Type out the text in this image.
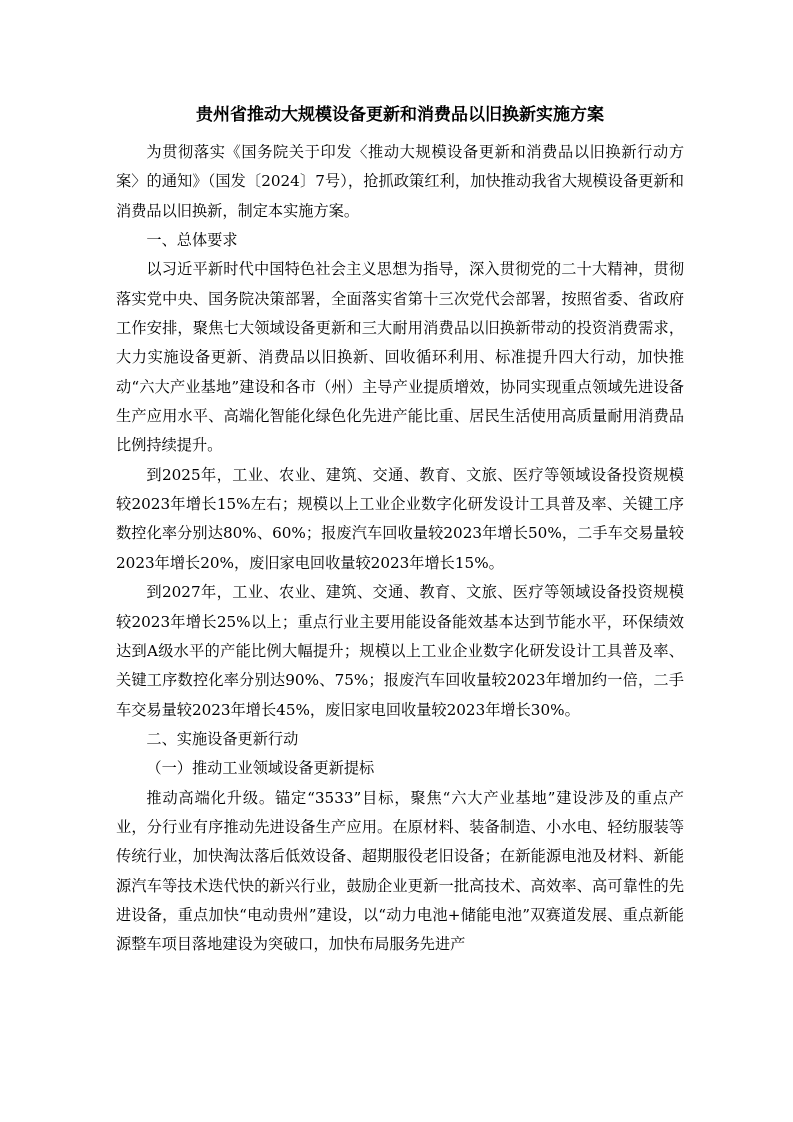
贵州省推动大规模设备更新和消费品以旧换新实施方案

为贯彻落实《国务院关于印发〈推动大规模设备更新和消费品以旧换新行动方案〉的通知》（国发〔2024〕7号），抢抓政策红利，加快推动我省大规模设备更新和消费品以旧换新，制定本实施方案。

一、总体要求

以习近平新时代中国特色社会主义思想为指导，深入贯彻党的二十大精神，贯彻落实党中央、国务院决策部署，全面落实省第十三次党代会部署，按照省委、省政府工作安排，聚焦七大领域设备更新和三大耐用消费品以旧换新带动的投资消费需求，大力实施设备更新、消费品以旧换新、回收循环利用、标准提升四大行动，加快推动“六大产业基地”建设和各市（州）主导产业提质增效，协同实现重点领域先进设备生产应用水平、高端化智能化绿色化先进产能比重、居民生活使用高质量耐用消费品比例持续提升。

到2025年，工业、农业、建筑、交通、教育、文旅、医疗等领域设备投资规模较2023年增长15%左右；规模以上工业企业数字化研发设计工具普及率、关键工序数控化率分别达80%、60%；报废汽车回收量较2023年增长50%，二手车交易量较2023年增长20%，废旧家电回收量较2023年增长15%。

到2027年，工业、农业、建筑、交通、教育、文旅、医疗等领域设备投资规模较2023年增长25%以上；重点行业主要用能设备能效基本达到节能水平，环保绩效达到A级水平的产能比例大幅提升；规模以上工业企业数字化研发设计工具普及率、关键工序数控化率分别达90%、75%；报废汽车回收量较2023年增加约一倍，二手车交易量较2023年增长45%，废旧家电回收量较2023年增长30%。

二、实施设备更新行动

（一）推动工业领域设备更新提标

推动高端化升级。锚定“3533”目标，聚焦“六大产业基地”建设涉及的重点产业，分行业有序推动先进设备生产应用。在原材料、装备制造、小水电、轻纺服装等传统行业，加快淘汰落后低效设备、超期服役老旧设备；在新能源电池及材料、新能源汽车等技术迭代快的新兴行业，鼓励企业更新一批高技术、高效率、高可靠性的先进设备，重点加快“电动贵州”建设，以“动力电池+储能电池”双赛道发展、重点新能源整车项目落地建设为突破口，加快布局服务先进产
